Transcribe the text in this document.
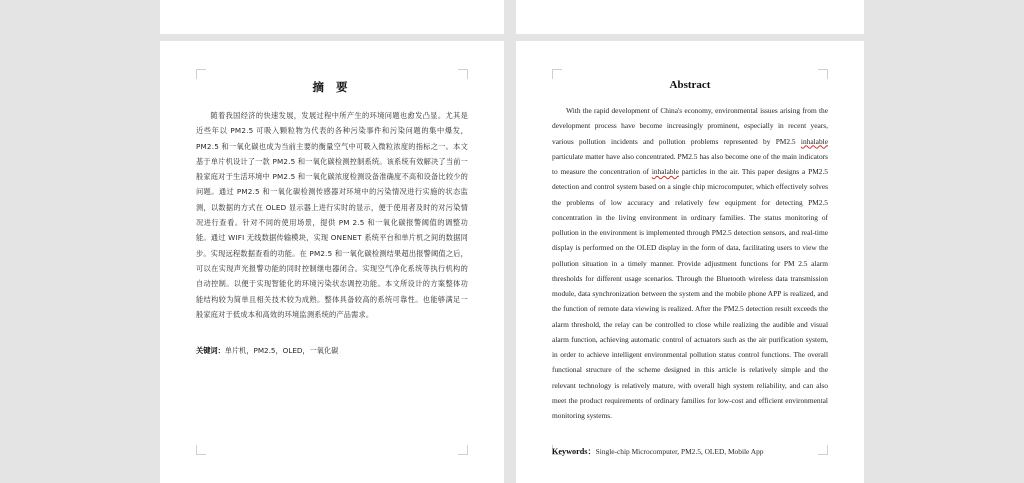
摘 要

随着我国经济的快速发展，发展过程中所产生的环境问题也愈发凸显。尤其是近些年以 PM2.5 可吸入颗粒物为代表的各种污染事件和污染问题的集中爆发，PM2.5 和一氧化碳也成为当前主要的衡量空气中可吸入微粒浓度的指标之一。本文基于单片机设计了一款 PM2.5 和一氧化碳检测控制系统。该系统有效解决了当前一般家庭对于生活环境中 PM2.5 和一氧化碳浓度检测设备准确度不高和设备比较少的问题。通过 PM2.5 和一氧化碳检测传感器对环境中的污染情况进行实施的状态监测，以数据的方式在 OLED 显示器上进行实时的显示，便于使用者及时的对污染情况进行查看。针对不同的使用场景，提供 PM 2.5 和一氧化碳报警阈值的调整功能。通过 WIFI 无线数据传输模块，实现 ONENET 系统平台和单片机之间的数据同步。实现远程数据查看的功能。在 PM2.5 和一氧化碳检测结果超出报警阈值之后，可以在实现声光报警功能的同时控制继电器闭合。实现空气净化系统等执行机构的自动控制。以便于实现智能化的环境污染状态调控功能。本文所设计的方案整体功能结构较为简单且相关技术较为成熟。整体具备较高的系统可靠性。也能够满足一般家庭对于低成本和高效的环境监测系统的产品需求。

关键词：单片机，PM2.5，OLED，一氧化碳
Abstract

With the rapid development of China's economy, environmental issues arising from the development process have become increasingly prominent, especially in recent years, various pollution incidents and pollution problems represented by PM2.5 inhalable particulate matter have also concentrated. PM2.5 has also become one of the main indicators to measure the concentration of inhalable particles in the air. This paper designs a PM2.5 detection and control system based on a single chip microcomputer, which effectively solves the problems of low accuracy and relatively few equipment for detecting PM2.5 concentration in the living environment in ordinary families. The status monitoring of pollution in the environment is implemented through PM2.5 detection sensors, and real-time display is performed on the OLED display in the form of data, facilitating users to view the pollution situation in a timely manner. Provide adjustment functions for PM 2.5 alarm thresholds for different usage scenarios. Through the Bluetooth wireless data transmission module, data synchronization between the system and the mobile phone APP is realized, and the function of remote data viewing is realized. After the PM2.5 detection result exceeds the alarm threshold, the relay can be controlled to close while realizing the audible and visual alarm function, achieving automatic control of actuators such as the air purification system, in order to achieve intelligent environmental pollution status control functions. The overall functional structure of the scheme designed in this article is relatively simple and the relevant technology is relatively mature, with overall high system reliability, and can also meet the product requirements of ordinary families for low-cost and efficient environmental monitoring systems.

Keywords：Single-chip Microcomputer, PM2.5, OLED, Mobile App
